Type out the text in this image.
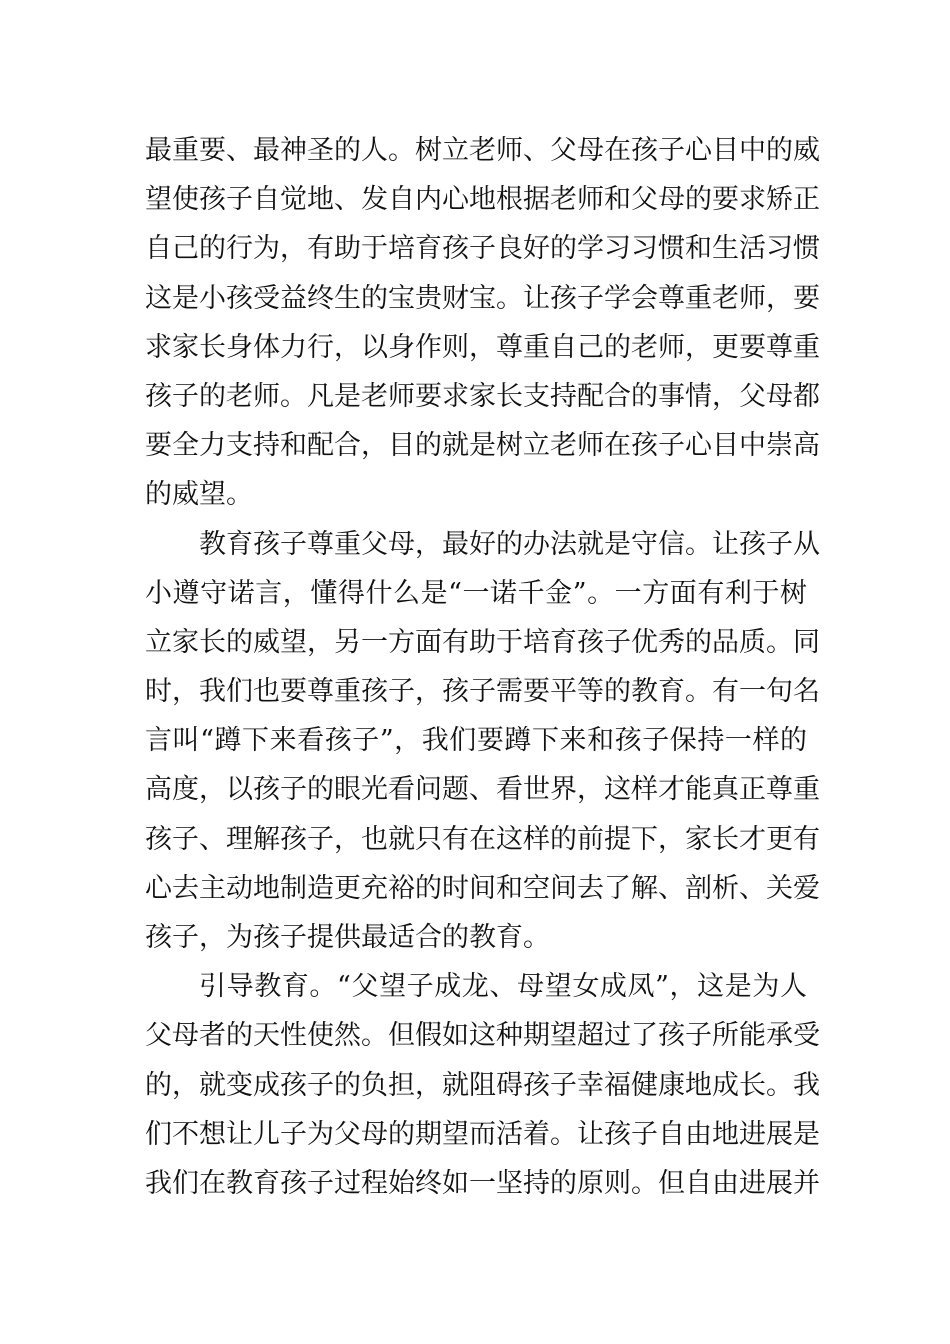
最重要、最神圣的人。树立老师、父母在孩子心目中的威
望使孩子自觉地、发自内心地根据老师和父母的要求矫正
自己的行为，有助于培育孩子良好的学习习惯和生活习惯
这是小孩受益终生的宝贵财宝。让孩子学会尊重老师，要
求家长身体力行，以身作则，尊重自己的老师，更要尊重
孩子的老师。凡是老师要求家长支持配合的事情，父母都
要全力支持和配合，目的就是树立老师在孩子心目中崇高
的威望。
教育孩子尊重父母，最好的办法就是守信。让孩子从
小遵守诺言，懂得什么是“一诺千金”。一方面有利于树
立家长的威望，另一方面有助于培育孩子优秀的品质。同
时，我们也要尊重孩子，孩子需要平等的教育。有一句名
言叫“蹲下来看孩子”，我们要蹲下来和孩子保持一样的
高度，以孩子的眼光看问题、看世界，这样才能真正尊重
孩子、理解孩子，也就只有在这样的前提下，家长才更有
心去主动地制造更充裕的时间和空间去了解、剖析、关爱
孩子，为孩子提供最适合的教育。
引导教育。“父望子成龙、母望女成凤”，这是为人
父母者的天性使然。但假如这种期望超过了孩子所能承受
的，就变成孩子的负担，就阻碍孩子幸福健康地成长。我
们不想让儿子为父母的期望而活着。让孩子自由地进展是
我们在教育孩子过程始终如一坚持的原则。但自由进展并
